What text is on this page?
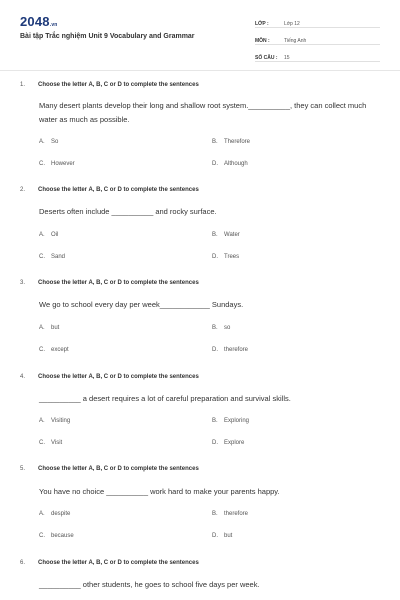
2048.vn
Bài tập Trắc nghiệm Unit 9 Vocabulary and Grammar
LỚP :	Lớp 12
MÔN :	Tiếng Anh
SỐ CÂU :	15
1. Choose the letter A, B, C or D to complete the sentences
Many desert plants develop their long and shallow root system.__________, they can collect much water as much as possible.
A. So	B. Therefore
C. However	D. Although
2. Choose the letter A, B, C or D to complete the sentences
Deserts often include __________ and rocky surface.
A. Oil	B. Water
C. Sand	D. Trees
3. Choose the letter A, B, C or D to complete the sentences
We go to school every day per week____________ Sundays.
A. but	B. so
C. except	D. therefore
4. Choose the letter A, B, C or D to complete the sentences
__________ a desert requires a lot of careful preparation and survival skills.
A. Visiting	B. Exploring
C. Visit	D. Explore
5. Choose the letter A, B, C or D to complete the sentences
You have no choice __________ work hard to make your parents happy.
A. despite	B. therefore
C. because	D. but
6. Choose the letter A, B, C or D to complete the sentences
__________ other students, he goes to school five days per week.
